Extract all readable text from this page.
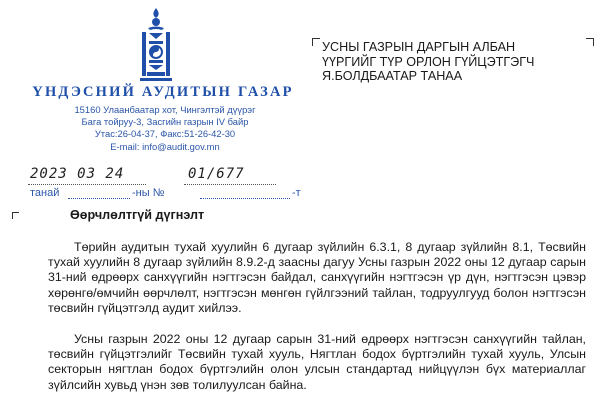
ҮНДЭСНИЙ АУДИТЫН ГАЗАР
15160 Улаанбаатар хот, Чингэлтэй дүүрэг
Бага тойруу-3, Засгийн газрын IV байр
Утас:26-04-37, Факс:51-26-42-30
E-mail: info@audit.gov.mn
УСНЫ ГАЗРЫН ДАРГЫН АЛБАН
ҮҮРГИЙГ ТҮР ОРЛОН ГҮЙЦЭТГЭГЧ
Я.БОЛДБААТАР ТАНАА
2023 03 24	01/677
танай	-ны №	-т
Өөрчлөлтгүй дүгнэлт
Төрийн аудитын тухай хуулийн 6 дугаар зүйлийн 6.3.1, 8 дугаар зүйлийн 8.1, Төсвийн тухай хуулийн 8 дугаар зүйлийн 8.9.2-д заасны дагуу Усны газрын 2022 оны 12 дугаар сарын 31-ний өдрөөрх санхүүгийн нэгтгэсэн байдал, санхүүгийн нэгтгэсэн үр дүн, нэгтгэсэн цэвэр хөрөнгө/өмчийн өөрчлөлт, нэгтгэсэн мөнгөн гүйлгээний тайлан, тодруулгууд болон нэгтгэсэн төсвийн гүйцэтгэлд аудит хийлээ.
Усны газрын 2022 оны 12 дугаар сарын 31-ний өдрөөрх нэгтгэсэн санхүүгийн тайлан, төсвийн гүйцэтгэлийг Төсвийн тухай хууль, Нягтлан бодох бүртгэлийн тухай хууль, Улсын секторын нягтлан бодох бүртгэлийн олон улсын стандартад нийцүүлэн бүх материаллаг зүйлсийн хувьд үнэн зөв толилуулсан байна.
